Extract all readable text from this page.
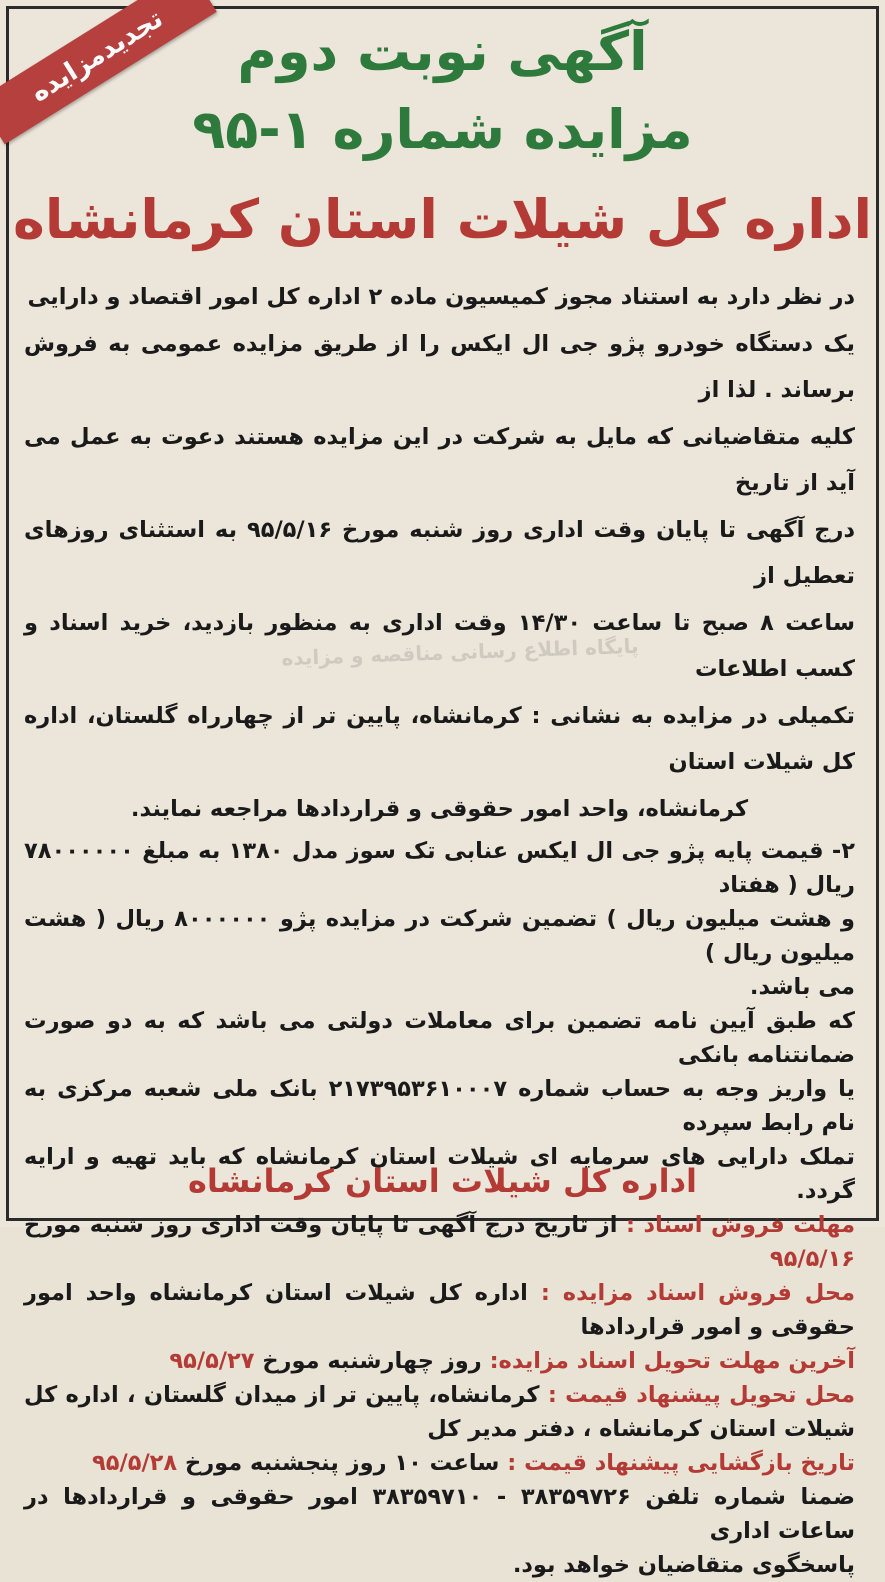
تجدیدمزایده	آگهی نوبت دوم
مزایده شماره ۱-۹۵
اداره کل شیلات استان کرمانشاه
پایگاه اطلاع رسانی مناقصه و مزایده

در نظر دارد به استناد مجوز کمیسیون ماده ۲ اداره کل امور اقتصاد و دارایی

یک دستگاه خودرو پژو جی ال ایکس را از طریق مزایده عمومی به فروش برساند . لذا از

کلیه متقاضیانی که مایل به شرکت در این مزایده هستند دعوت به عمل می آید از تاریخ

درج آگهی تا پایان وقت اداری روز شنبه مورخ ۹۵/۵/۱۶ به استثنای روزهای تعطیل از

ساعت ۸ صبح تا ساعت ۱۴/۳۰ وقت اداری به منظور بازدید، خرید اسناد و کسب اطلاعات

تکمیلی در مزایده به نشانی : کرمانشاه، پایین تر از چهارراه گلستان، اداره کل شیلات استان

کرمانشاه، واحد امور حقوقی و قراردادها مراجعه نمایند.

۲- قیمت پایه پژو جی ال ایکس عنابی تک سوز مدل ۱۳۸۰ به مبلغ ۷۸۰۰۰۰۰۰ ریال ( هفتاد

و هشت میلیون ریال ) تضمین شرکت در مزایده پژو ۸۰۰۰۰۰۰ ریال ( هشت میلیون ریال )

می باشد.

که طبق آیین نامه تضمین برای معاملات دولتی می باشد که به دو صورت ضمانتنامه بانکی

یا واریز وجه به حساب شماره ۲۱۷۳۹۵۳۶۱۰۰۰۷ بانک ملی شعبه مرکزی به نام رابط سپرده

تملک دارایی های سرمایه ای شیلات استان کرمانشاه که باید تهیه و ارایه گردد.

مهلت فروش اسناد : از تاریخ درج آگهی تا پایان وقت اداری روز شنبه مورخ ۹۵/۵/۱۶

محل فروش اسناد مزایده : اداره کل شیلات استان کرمانشاه واحد امور حقوقی و امور قراردادها

آخرین مهلت تحویل اسناد مزایده: روز چهارشنبه مورخ ۹۵/۵/۲۷

محل تحویل پیشنهاد قیمت : کرمانشاه، پایین تر از میدان گلستان ، اداره کل شیلات استان کرمانشاه ، دفتر مدیر کل

تاریخ بازگشایی پیشنهاد قیمت : ساعت ۱۰ روز پنجشنبه مورخ ۹۵/۵/۲۸

ضمنا شماره تلفن ۳۸۳۵۹۷۲۶ - ۳۸۳۵۹۷۱۰ امور حقوقی و قراردادها در ساعات اداری

پاسخگوی متقاضیان خواهد بود.

اداره کل شیلات استان کرمانشاه
